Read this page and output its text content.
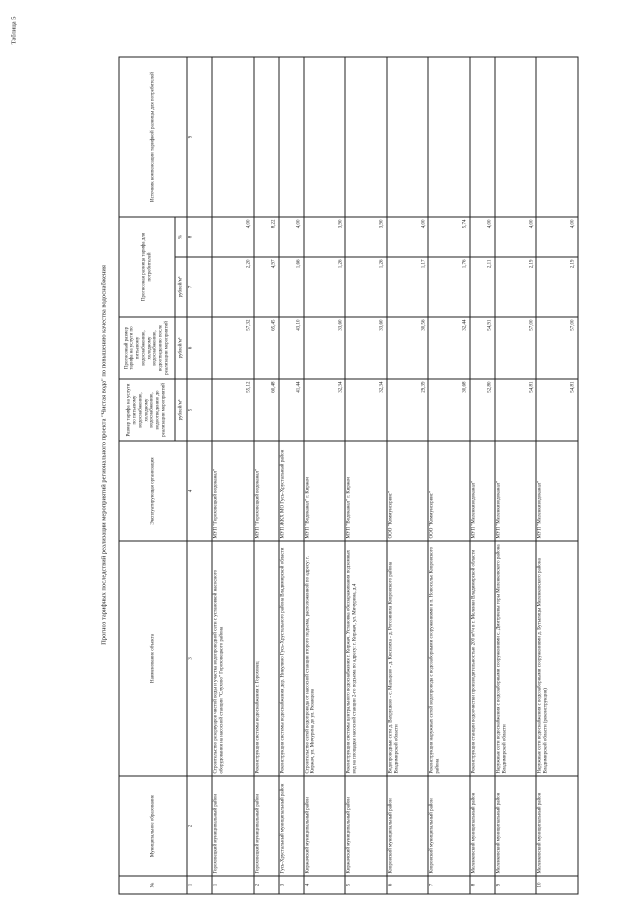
Таблица 5
Прогноз тарифных последствий реализации мероприятий регионального проекта "Чистая вода" по повышению качества водоснабжения
№	Муниципальное образование	Наименование объекта	Эксплуатирующая организация	Размер тарифа на услуги по питьевому водоснабжению, холодному водоснабжению, водоотведению до реализации мероприятий	Прогнозный размер тарифа на услуги по питьевому водоснабжению, холодному водоснабжению, водоотведению после реализации мероприятий	Прогнозная разница тарифа для потребителей		Источник компенсации тарифной разницы для потребителей
				рублей/м³	рублей/м³	рублей/м³	%	
1	2	3	4	5	6	7	8	9
1	Гороховецкий муниципальный район	Строительство резервуаров чистой воды и участка водопроводной сети с установкой насосного оборудования на насосной станции "Слухово" Гороховецкого района	МУП "Гороховецкий водоканал"	55,12	57,32	2,20	4,00	
2	Гороховецкий муниципальный район	Реконструкция системы водоснабжения г. Гороховец	МУП "Гороховецкий водоканал"	60,48	65,45	4,97	8,22	
3	Гусь-Хрустальный муниципальный район	Реконструкция системы водоснабжения дер. Никулино Гусь-Хрустального района Владимирской области	МУП ЖКХ МО Гусь-Хрустальный район	41,44	43,10	1,66	4,00	
4	Киржачский муниципальный район	Строительство сетей водопровода от насосной станции второго подъема, расположенной по адресу: г. Киржач, ул. Мичурина до ул. Рязанцева	МУП "Водоканал" г. Киржач	32,34	33,60	1,26	3,90	
5	Киржачский муниципальный район	Реконструкция системы центрального водоснабжения г. Киржач. Установка обеззараживания подземных вод на площадке насосной станции 2-го подъема по адресу: г. Киржач, ул. Мичурина, д.4	МУП "Водоканал" г. Киржач	32,34	33,60	1,26	3,90	
6	Ковровский муниципальный район	Водопроводные сети д. Вахрушево - с. Мальцево - д. Киселиха - д. Рогозиниха Ковровского района Владимирской области	ООО "Коммунсервис"	29,39	30,56	1,17	4,00	
7	Ковровский муниципальный район	Реконструкция наружных сетей водопровода с водозаборными сооружениями в п. Новоселье Ковровского района	ООО "Коммунсервис"	30,68	32,44	1,76	5,74	
8	Меленковский муниципальный район	Реконструкция станции водоочистки производительностью 200 м³/ч в г. Меленки Владимирской области	МУП "Меленкиводоканал"	52,80	54,91	2,11	4,00	
9	Меленковский муниципальный район	Наружные сети водоснабжения с водозаборными сооружениями с. Дмитриевы горы Меленковского района Владимирской области	МУП "Меленкиводоканал"	54,81	57,00	2,19	4,00	
10	Меленковский муниципальный район	Наружные сети водоснабжения с водозаборными сооружениями д. Бутылицы Меленковского района Владимирской области (реконструкция)	МУП "Меленкиводоканал"	54,81	57,00	2,19	4,00	
